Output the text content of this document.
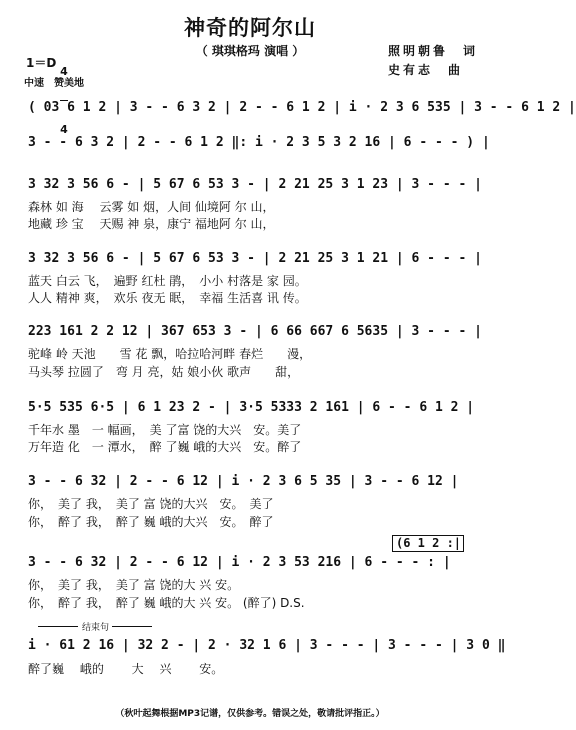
神奇的阿尔山
（ 琪琪格玛 演唱 ）	照明朝鲁　词
史有志　曲
1＝D

4

4

中速　赞美地
( 03 6 1 2 | 3 - - 6 3 2 | 2 - - 6 1 2 | i · 2 3 6 535 | 3 - - 6 1 2 |
3 - - 6 3 2 | 2 - - 6 1 2 ‖: i · 2 3 5 3 2 16 | 6 - - - ) |
3 32 3 56 6 - | 5 67 6 53 3 - | 2 21 25 3 1 23 | 3 - - - |
森林 如 海 　云雾 如 烟，人间 仙境阿 尔 山，
地藏 珍 宝 　天赐 神 泉，康宁 福地阿 尔 山，
3 32 3 56 6 - | 5 67 6 53 3 - | 2 21 25 3 1 21 | 6 - - - |
蓝天 白云 飞，　遍野 红杜 鹃，　小小 村落是 家 园。
人人 精神 爽，　欢乐 夜无 眠，　幸福 生活喜 讯 传。
223 161 2 2 12 | 367 653 3 - | 6 66 667 6 5635 | 3 - - - |
驼峰 岭 天池　　雪 花 飘，哈拉哈河畔 春烂　　漫，
马头琴 拉圆了　弯 月 亮，姑 娘小伙 歌声　　甜，
5·5 535 6·5 | 6 1 23 2 - | 3·5 5333 2 161 | 6 - - 6 1 2 |
千年水 墨　一 幅画，　美 了富 饶的大兴　安。美了
万年造 化　一 潭水，　醉 了巍 峨的大兴　安。醉了
3 - - 6 32 | 2 - - 6 12 | i · 2 3 6 5 35 | 3 - - 6 12 |
你，　美了 我，　美了 富 饶的大兴　安。　美了
你，　醉了 我，　醉了 巍 峨的大兴　安。　醉了
(6 1 2 :|
3 - - 6 32 | 2 - - 6 12 | i · 2 3 53 216 | 6 - - - : |
你，　美了 我，　美了 富 饶的大 兴 安。
你，　醉了 我，　醉了 巍 峨的大 兴 安。 (醉了) D.S.
结束句
i · 61 2 16 | 32 2 - | 2 · 32 1 6 | 3 - - - | 3 - - - | 3 0 ‖
醉了巍　 峨的　　 大　 兴　　 安。
（秋叶起舞根据MP3记谱，仅供参考。错误之处，敬请批评指正。）
